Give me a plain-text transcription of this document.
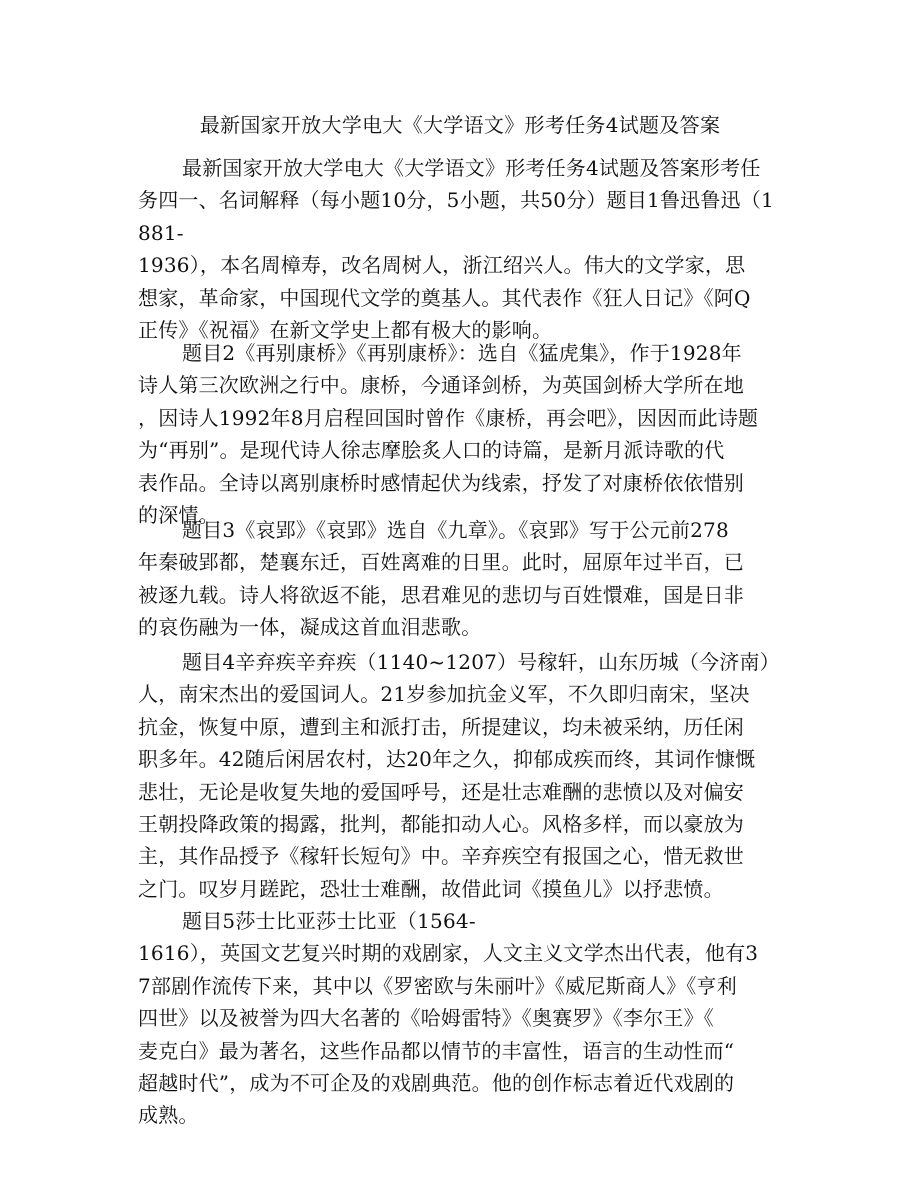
最新国家开放大学电大《大学语文》形考任务4试题及答案
最新国家开放大学电大《大学语文》形考任务4试题及答案形考任
务四一、名词解释（每小题10分，5小题，共50分）题目1鲁迅鲁迅（1
881-
1936），本名周樟寿，改名周树人，浙江绍兴人。伟大的文学家，思
想家，革命家，中国现代文学的奠基人。其代表作《狂人日记》《阿Q
正传》《祝福》在新文学史上都有极大的影响。
题目2《再别康桥》《再别康桥》：选自《猛虎集》，作于1928年
诗人第三次欧洲之行中。康桥，今通译剑桥，为英国剑桥大学所在地
，因诗人1992年8月启程回国时曾作《康桥，再会吧》，因因而此诗题
为“再别”。是现代诗人徐志摩脍炙人口的诗篇，是新月派诗歌的代
表作品。全诗以离别康桥时感情起伏为线索，抒发了对康桥依依惜别
的深情。
题目3《哀郢》《哀郢》选自《九章》。《哀郢》写于公元前278
年秦破郢都，楚襄东迁，百姓离难的日里。此时，屈原年过半百，已
被逐九载。诗人将欲返不能，思君难见的悲切与百姓懁难，国是日非
的哀伤融为一体，凝成这首血泪悲歌。
题目4辛弃疾辛弃疾（1140~1207）号稼轩，山东历城（今济南）
人，南宋杰出的爱国词人。21岁参加抗金义军，不久即归南宋，坚决
抗金，恢复中原，遭到主和派打击，所提建议，均未被采纳，历任闲
职多年。42随后闲居农村，达20年之久，抑郁成疾而终，其词作慷慨
悲壮，无论是收复失地的爱国呼号，还是壮志难酬的悲愤以及对偏安
王朝投降政策的揭露，批判，都能扣动人心。风格多样，而以豪放为
主，其作品授予《稼轩长短句》中。辛弃疾空有报国之心，惜无救世
之门。叹岁月蹉跎，恐壮士难酬，故借此词《摸鱼儿》以抒悲愤。
题目5莎士比亚莎士比亚（1564-
1616），英国文艺复兴时期的戏剧家，人文主义文学杰出代表，他有3
7部剧作流传下来，其中以《罗密欧与朱丽叶》《威尼斯商人》《亨利
四世》以及被誉为四大名著的《哈姆雷特》《奥赛罗》《李尔王》《
麦克白》最为著名，这些作品都以情节的丰富性，语言的生动性而“
超越时代”，成为不可企及的戏剧典范。他的创作标志着近代戏剧的
成熟。
